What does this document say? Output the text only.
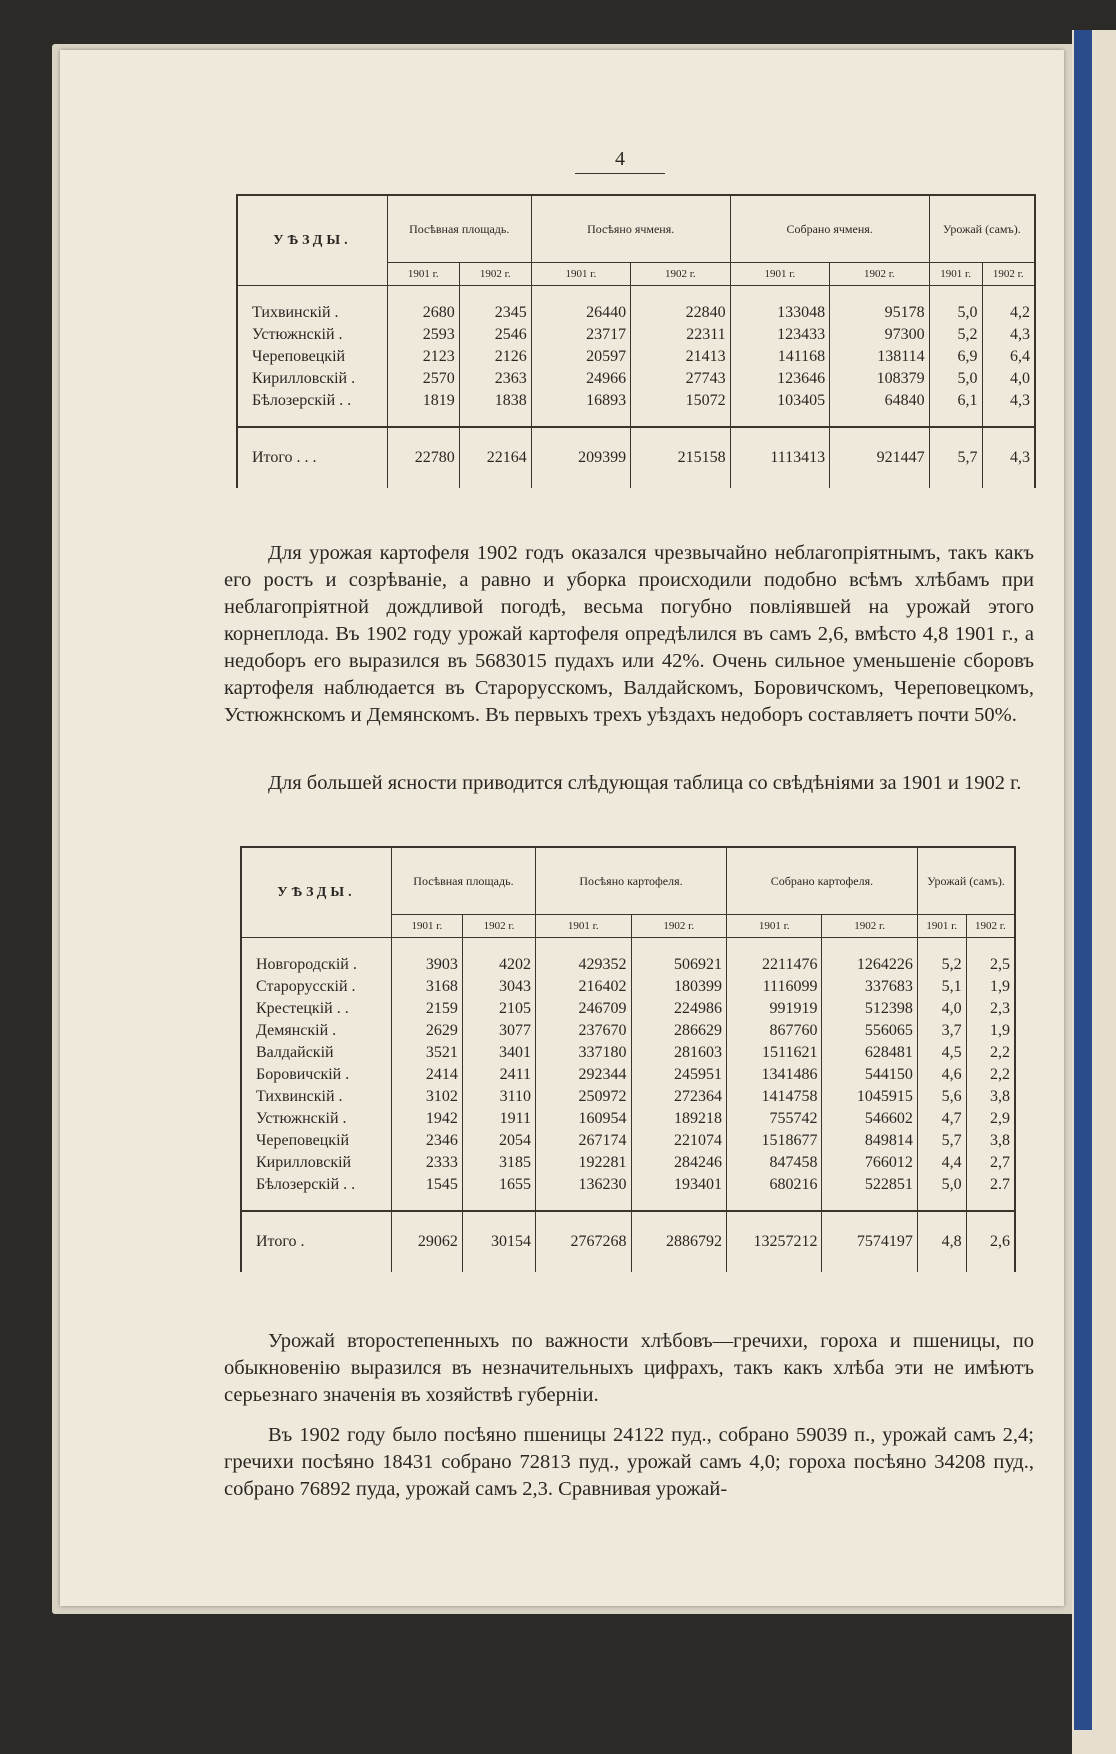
4
УѢЗДЫ.	Посѣвная площадь.		Посѣяно ячменя.		Собрано ячменя.		Урожай (самъ).	
	1901 г.	1902 г.	1901 г.	1902 г.	1901 г.	1902 г.	1901 г.	1902 г.
Тихвинскій .	2680	2345	26440	22840	133048	95178	5,0	4,2
Устюжнскій .	2593	2546	23717	22311	123433	97300	5,2	4,3
Череповецкій	2123	2126	20597	21413	141168	138114	6,9	6,4
Кирилловскій .	2570	2363	24966	27743	123646	108379	5,0	4,0
Бѣлозерскій . .	1819	1838	16893	15072	103405	64840	6,1	4,3

Итого . . .	22780	22164	209399	215158	1113413	921447	5,7	4,3

Для урожая картофеля 1902 годъ оказался чрезвычайно неблагопріятнымъ, такъ какъ его ростъ и созрѣваніе, а равно и уборка происходили подобно всѣмъ хлѣбамъ при неблагопріятной дождливой погодѣ, весьма погубно повліявшей на урожай этого корнеплода. Въ 1902 году урожай картофеля опредѣлился въ самъ 2,6, вмѣсто 4,8 1901 г., а недоборъ его выразился въ 5683015 пудахъ или 42%. Очень сильное уменьшеніе сборовъ картофеля наблюдается въ Старорусскомъ, Валдайскомъ, Боровичскомъ, Череповецкомъ, Устюжнскомъ и Демянскомъ. Въ первыхъ трехъ уѣздахъ недоборъ составляетъ почти 50%.

Для большей ясности приводится слѣдующая таблица со свѣдѣніями за 1901 и 1902 г.

УѢЗДЫ.	Посѣвная площадь.		Посѣяно картофеля.		Собрано картофеля.		Урожай (самъ).	
	1901 г.	1902 г.	1901 г.	1902 г.	1901 г.	1902 г.	1901 г.	1902 г.
Новгородскій .	3903	4202	429352	506921	2211476	1264226	5,2	2,5
Старорусскій .	3168	3043	216402	180399	1116099	337683	5,1	1,9
Крестецкій . .	2159	2105	246709	224986	991919	512398	4,0	2,3
Демянскій .	2629	3077	237670	286629	867760	556065	3,7	1,9
Валдайскій	3521	3401	337180	281603	1511621	628481	4,5	2,2
Боровичскій .	2414	2411	292344	245951	1341486	544150	4,6	2,2
Тихвинскій .	3102	3110	250972	272364	1414758	1045915	5,6	3,8
Устюжнскій .	1942	1911	160954	189218	755742	546602	4,7	2,9
Череповецкій	2346	2054	267174	221074	1518677	849814	5,7	3,8
Кирилловскій	2333	3185	192281	284246	847458	766012	4,4	2,7
Бѣлозерскій . .	1545	1655	136230	193401	680216	522851	5,0	2.7

Итого .	29062	30154	2767268	2886792	13257212	7574197	4,8	2,6

Урожай второстепенныхъ по важности хлѣбовъ—гречихи, гороха и пшеницы, по обыкновенію выразился въ незначительныхъ цифрахъ, такъ какъ хлѣба эти не имѣютъ серьезнаго значенія въ хозяйствѣ губерніи.

Въ 1902 году было посѣяно пшеницы 24122 пуд., собрано 59039 п., урожай самъ 2,4; гречихи посѣяно 18431 собрано 72813 пуд., урожай самъ 4,0; гороха посѣяно 34208 пуд., собрано 76892 пуда, урожай самъ 2,3. Сравнивая урожай-
